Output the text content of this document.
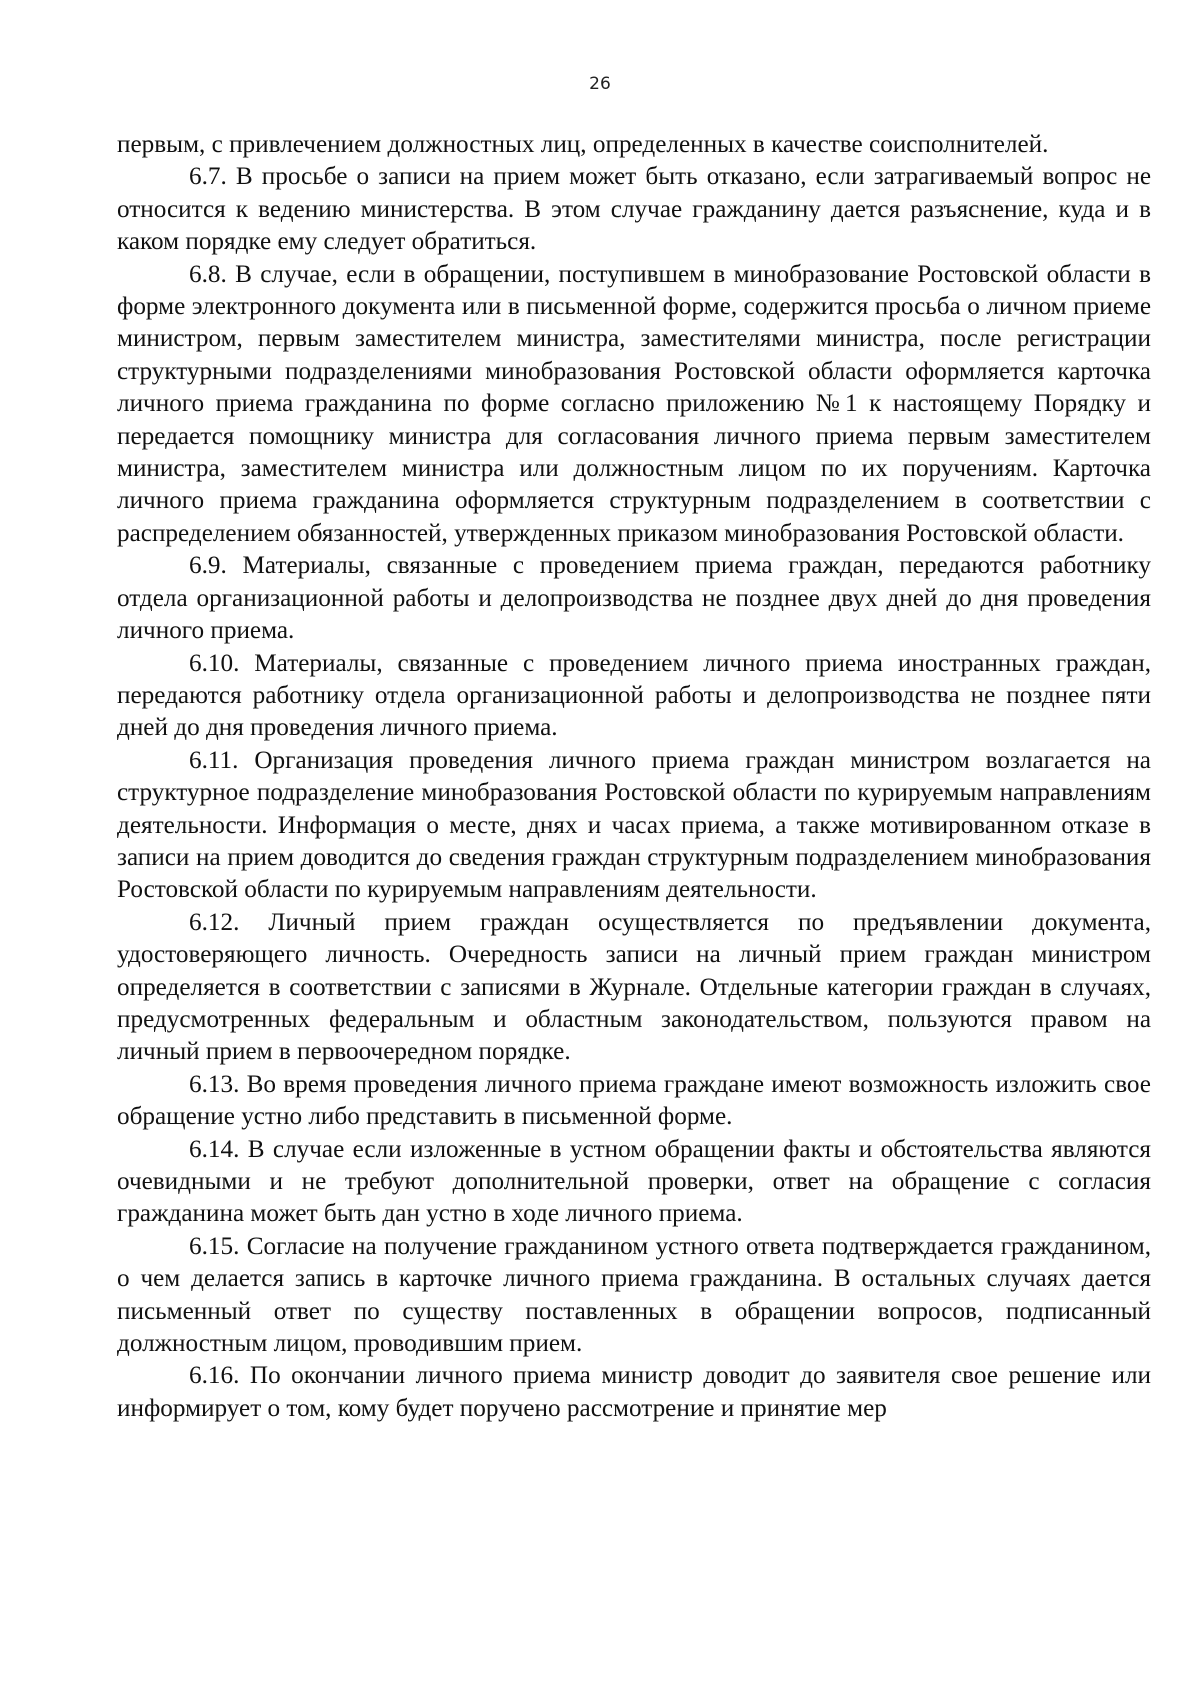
26

первым, с привлечением должностных лиц, определенных в качестве соисполнителей.

6.7. В просьбе о записи на прием может быть отказано, если затрагиваемый вопрос не относится к ведению министерства. В этом случае гражданину дается разъяснение, куда и в каком порядке ему следует обратиться.

6.8. В случае, если в обращении, поступившем в минобразование Ростовской области в форме электронного документа или в письменной форме, содержится просьба о личном приеме министром, первым заместителем министра, заместителями министра, после регистрации структурными подразделениями минобразования Ростовской области оформляется карточка личного приема гражданина по форме согласно приложению №1 к настоящему Порядку и передается помощнику министра для согласования личного приема первым заместителем министра, заместителем министра или должностным лицом по их поручениям. Карточка личного приема гражданина оформляется структурным подразделением в соответствии с распределением обязанностей, утвержденных приказом минобразования Ростовской области.

6.9. Материалы, связанные с проведением приема граждан, передаются работнику отдела организационной работы и делопроизводства не позднее двух дней до дня проведения личного приема.

6.10. Материалы, связанные с проведением личного приема иностранных граждан, передаются работнику отдела организационной работы и делопроизводства не позднее пяти дней до дня проведения личного приема.

6.11. Организация проведения личного приема граждан министром возлагается на структурное подразделение минобразования Ростовской области по курируемым направлениям деятельности. Информация о месте, днях и часах приема, а также мотивированном отказе в записи на прием доводится до сведения граждан структурным подразделением минобразования Ростовской области по курируемым направлениям деятельности.

6.12. Личный прием граждан осуществляется по предъявлении документа, удостоверяющего личность. Очередность записи на личный прием граждан министром определяется в соответствии с записями в Журнале. Отдельные категории граждан в случаях, предусмотренных федеральным и областным законодательством, пользуются правом на личный прием в первоочередном порядке.

6.13. Во время проведения личного приема граждане имеют возможность изложить свое обращение устно либо представить в письменной форме.

6.14. В случае если изложенные в устном обращении факты и обстоятельства являются очевидными и не требуют дополнительной проверки, ответ на обращение с согласия гражданина может быть дан устно в ходе личного приема.

6.15. Согласие на получение гражданином устного ответа подтверждается гражданином, о чем делается запись в карточке личного приема гражданина. В остальных случаях дается письменный ответ по существу поставленных в обращении вопросов, подписанный должностным лицом, проводившим прием.

6.16. По окончании личного приема министр доводит до заявителя свое решение или информирует о том, кому будет поручено рассмотрение и принятие мер
